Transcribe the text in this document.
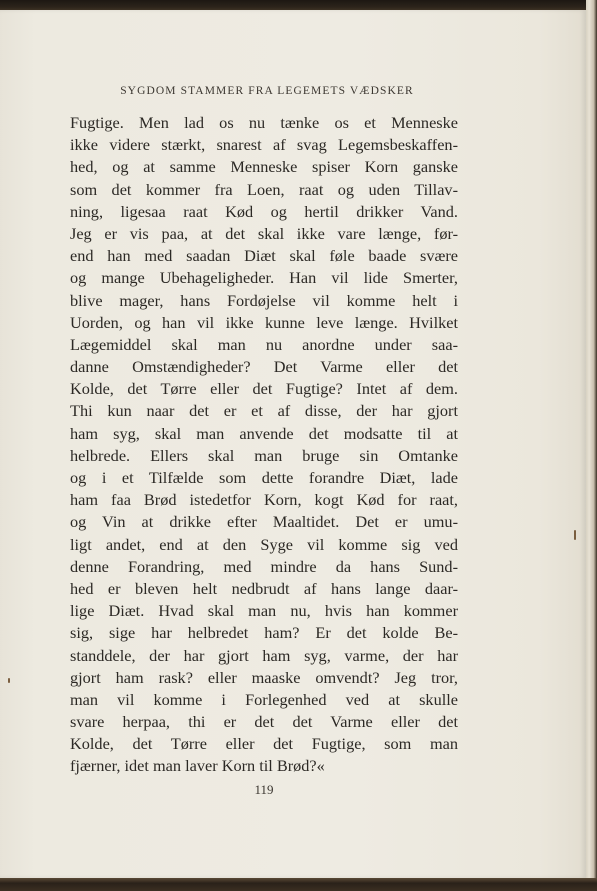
SYGDOM STAMMER FRA LEGEMETS VÆDSKER
Fugtige. Men lad os nu tænke os et Menneske
ikke videre stærkt, snarest af svag Legemsbeskaffen-
hed, og at samme Menneske spiser Korn ganske
som det kommer fra Loen, raat og uden Tillav-
ning, ligesaa raat Kød og hertil drikker Vand.
Jeg er vis paa, at det skal ikke vare længe, før-
end han med saadan Diæt skal føle baade svære
og mange Ubehageligheder. Han vil lide Smerter,
blive mager, hans Fordøjelse vil komme helt i
Uorden, og han vil ikke kunne leve længe. Hvilket
Lægemiddel skal man nu anordne under saa-
danne Omstændigheder? Det Varme eller det
Kolde, det Tørre eller det Fugtige? Intet af dem.
Thi kun naar det er et af disse, der har gjort
ham syg, skal man anvende det modsatte til at
helbrede. Ellers skal man bruge sin Omtanke
og i et Tilfælde som dette forandre Diæt, lade
ham faa Brød istedetfor Korn, kogt Kød for raat,
og Vin at drikke efter Maaltidet. Det er umu-
ligt andet, end at den Syge vil komme sig ved
denne Forandring, med mindre da hans Sund-
hed er bleven helt nedbrudt af hans lange daar-
lige Diæt. Hvad skal man nu, hvis han kommer
sig, sige har helbredet ham? Er det kolde Be-
standdele, der har gjort ham syg, varme, der har
gjort ham rask? eller maaske omvendt? Jeg tror,
man vil komme i Forlegenhed ved at skulle
svare herpaa, thi er det det Varme eller det
Kolde, det Tørre eller det Fugtige, som man
fjærner, idet man laver Korn til Brød?«
119
